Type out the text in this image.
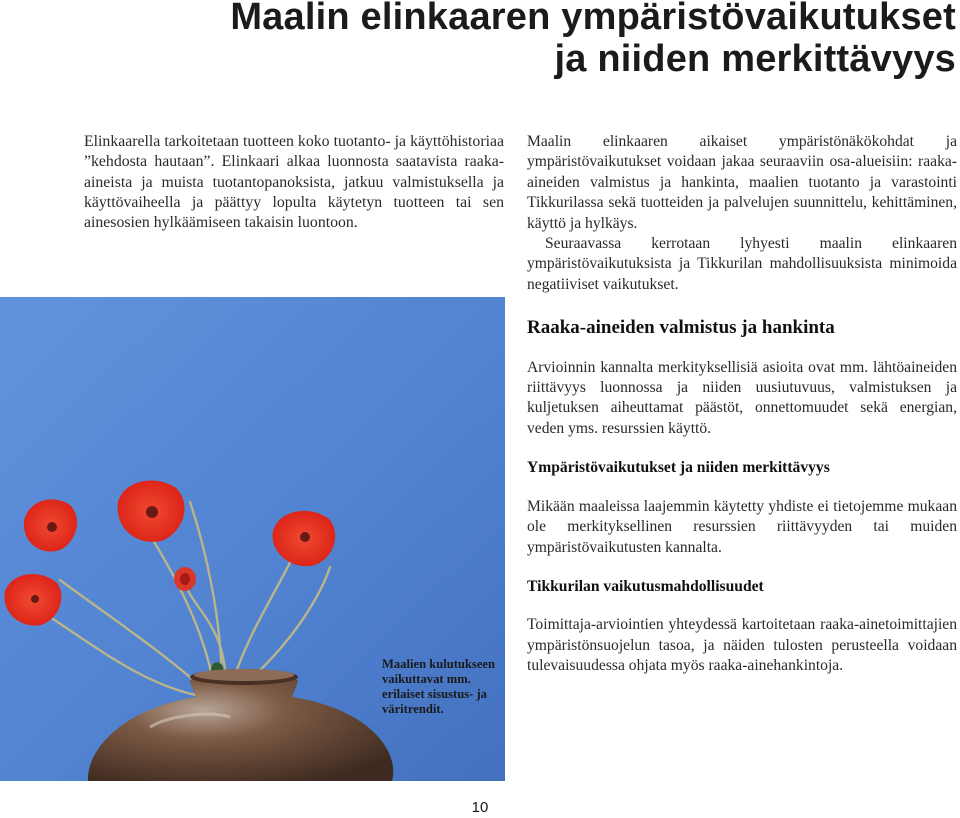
Maalin elinkaaren ympäristövaikutukset
ja niiden merkittävyys

Elinkaarella tarkoitetaan tuotteen koko tuotanto- ja käyttöhistoriaa ”kehdosta hautaan”. Elinkaari alkaa luonnosta saatavista raaka-aineista ja muista tuotantopanoksista, jatkuu valmistuksella ja käyttövaiheella ja päättyy lopulta käytetyn tuotteen tai sen ainesosien hylkäämiseen takaisin luontoon.

Maalien kulutukseen vaikuttavat mm. erilaiset sisustus- ja väritrendit.

Maalin elinkaaren aikaiset ympäristönäkökohdat ja ympäristövaikutukset voidaan jakaa seuraaviin osa-alueisiin: raaka-aineiden valmistus ja hankinta, maalien tuotanto ja varastointi Tikkurilassa sekä tuotteiden ja palvelujen suunnittelu, kehittäminen, käyttö ja hylkäys.

Seuraavassa kerrotaan lyhyesti maalin elinkaaren ympäristövaikutuksista ja Tikkurilan mahdollisuuksista minimoida negatiiviset vaikutukset.

Raaka-aineiden valmistus ja hankinta

Arvioinnin kannalta merkityksellisiä asioita ovat mm. lähtöaineiden riittävyys luonnossa ja niiden uusiutuvuus, valmistuksen ja kuljetuksen aiheuttamat päästöt, onnettomuudet sekä energian, veden yms. resurssien käyttö.

Ympäristövaikutukset ja niiden merkittävyys

Mikään maaleissa laajemmin käytetty yhdiste ei tietojemme mukaan ole merkityksellinen resurssien riittävyyden tai muiden ympäristövaikutusten kannalta.

Tikkurilan vaikutusmahdollisuudet

Toimittaja-arviointien yhteydessä kartoitetaan raaka-ainetoimittajien ympäristönsuojelun tasoa, ja näiden tulosten perusteella voidaan tulevaisuudessa ohjata myös raaka-ainehankintoja.

10
